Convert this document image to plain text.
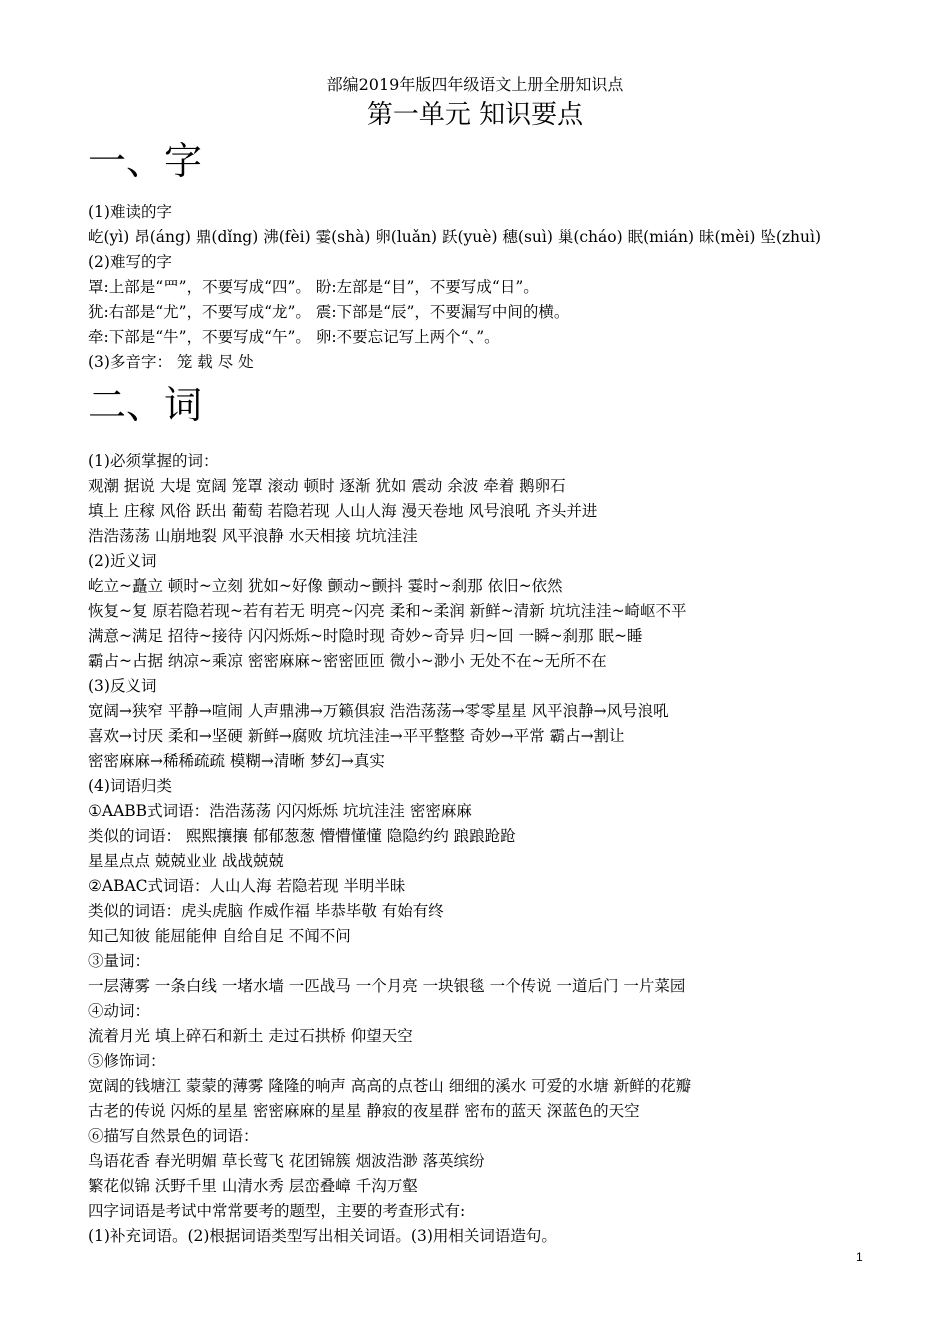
部编2019年版四年级语文上册全册知识点
第一单元 知识要点
一、字
(1)难读的字
屹(yì) 昂(áng) 鼎(dǐng) 沸(fèi) 霎(shà) 卵(luǎn) 跃(yuè) 穗(suì) 巢(cháo) 眠(mián) 昧(mèi) 坠(zhuì)
(2)难写的字
罩:上部是“罒”，不要写成“四”。 盼:左部是“目”，不要写成“日”。
犹:右部是“尤”，不要写成“龙”。 震:下部是“辰”，不要漏写中间的横。
牵:下部是“牛”，不要写成“午”。 卵:不要忘记写上两个“、”。
(3)多音字： 笼 载 尽 处
二、词
(1)必须掌握的词：
观潮 据说 大堤 宽阔 笼罩 滚动 顿时 逐渐 犹如 震动 余波 牵着 鹅卵石
填上 庄稼 风俗 跃出 葡萄 若隐若现 人山人海 漫天卷地 风号浪吼 齐头并进
浩浩荡荡 山崩地裂 风平浪静 水天相接 坑坑洼洼
(2)近义词
屹立~矗立 顿时~立刻 犹如~好像 颤动~颤抖 霎时~刹那 依旧~依然
恢复~复 原若隐若现~若有若无 明亮~闪亮 柔和~柔润 新鲜~清新 坑坑洼洼~崎岖不平
满意~满足 招待~接待 闪闪烁烁~时隐时现 奇妙~奇异 归~回 一瞬~刹那 眠~睡
霸占~占据 纳凉~乘凉 密密麻麻~密密匝匝 微小~渺小 无处不在~无所不在
(3)反义词
宽阔→狭窄 平静→喧闹 人声鼎沸→万籁俱寂 浩浩荡荡→零零星星 风平浪静→风号浪吼
喜欢→讨厌 柔和→坚硬 新鲜→腐败 坑坑洼洼→平平整整 奇妙→平常 霸占→割让
密密麻麻→稀稀疏疏 模糊→清晰 梦幻→真实
(4)词语归类
①AABB式词语：浩浩荡荡 闪闪烁烁 坑坑洼洼 密密麻麻
类似的词语： 熙熙攘攘 郁郁葱葱 懵懵懂懂 隐隐约约 踉踉跄跄
星星点点 兢兢业业 战战兢兢
②ABAC式词语：人山人海 若隐若现 半明半昧
类似的词语：虎头虎脑 作威作福 毕恭毕敬 有始有终
知己知彼 能屈能伸 自给自足 不闻不问
③量词：
一层薄雾 一条白线 一堵水墙 一匹战马 一个月亮 一块银毯 一个传说 一道后门 一片菜园
④动词：
流着月光 填上碎石和新土 走过石拱桥 仰望天空
⑤修饰词：
宽阔的钱塘江 蒙蒙的薄雾 隆隆的响声 高高的点苍山 细细的溪水 可爱的水塘 新鲜的花瓣
古老的传说 闪烁的星星 密密麻麻的星星 静寂的夜星群 密布的蓝天 深蓝色的天空
⑥描写自然景色的词语：
鸟语花香 春光明媚 草长莺飞 花团锦簇 烟波浩渺 落英缤纷
繁花似锦 沃野千里 山清水秀 层峦叠嶂 千沟万壑
四字词语是考试中常常要考的题型，主要的考查形式有:
(1)补充词语。(2)根据词语类型写出相关词语。(3)用相关词语造句。
1
